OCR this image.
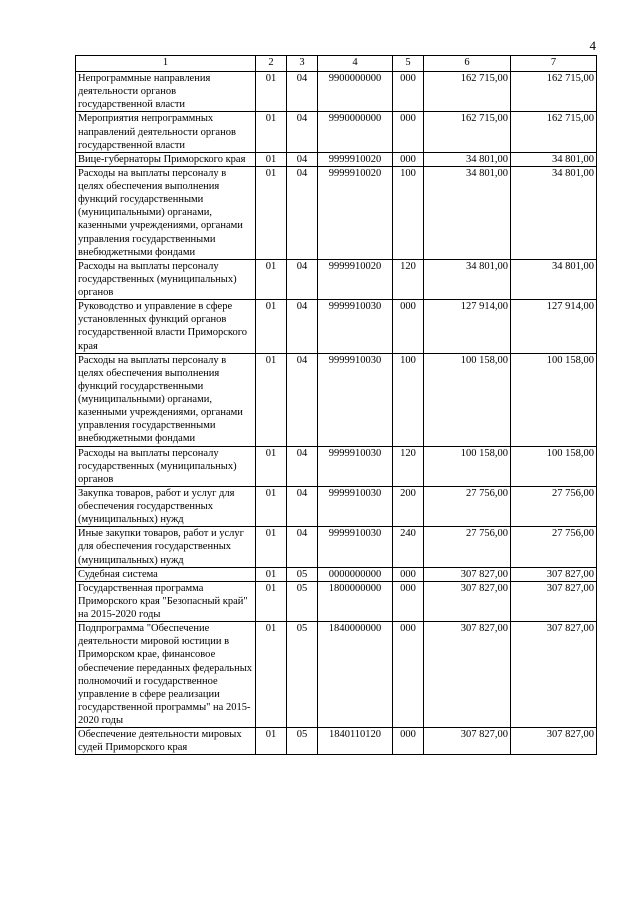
4
1	2	3	4	5	6	7
Непрограммные направления деятельности органов государственной власти	01	04	9900000000	000	162 715,00	162 715,00
Мероприятия непрограммных направлений деятельности органов государственной власти	01	04	9990000000	000	162 715,00	162 715,00
Вице-губернаторы Приморского края	01	04	9999910020	000	34 801,00	34 801,00
Расходы на выплаты персоналу в целях обеспечения выполнения функций государственными (муниципальными) органами, казенными учреждениями, органами управления государственными внебюджетными фондами	01	04	9999910020	100	34 801,00	34 801,00
Расходы на выплаты персоналу государственных (муниципальных) органов	01	04	9999910020	120	34 801,00	34 801,00
Руководство и управление в сфере установленных функций органов государственной власти Приморского края	01	04	9999910030	000	127 914,00	127 914,00
Расходы на выплаты персоналу в целях обеспечения выполнения функций государственными (муниципальными) органами, казенными учреждениями, органами управления государственными внебюджетными фондами	01	04	9999910030	100	100 158,00	100 158,00
Расходы на выплаты персоналу государственных (муниципальных) органов	01	04	9999910030	120	100 158,00	100 158,00
Закупка товаров, работ и услуг для обеспечения государственных (муниципальных) нужд	01	04	9999910030	200	27 756,00	27 756,00
Иные закупки товаров, работ и услуг для обеспечения государственных (муниципальных) нужд	01	04	9999910030	240	27 756,00	27 756,00
Судебная система	01	05	0000000000	000	307 827,00	307 827,00
Государственная программа Приморского края "Безопасный край" на 2015-2020 годы	01	05	1800000000	000	307 827,00	307 827,00
Подпрограмма "Обеспечение деятельности мировой юстиции в Приморском крае, финансовое обеспечение переданных федеральных полномочий и государственное управление в сфере реализации государственной программы" на 2015-2020 годы	01	05	1840000000	000	307 827,00	307 827,00
Обеспечение деятельности мировых судей Приморского края	01	05	1840110120	000	307 827,00	307 827,00
